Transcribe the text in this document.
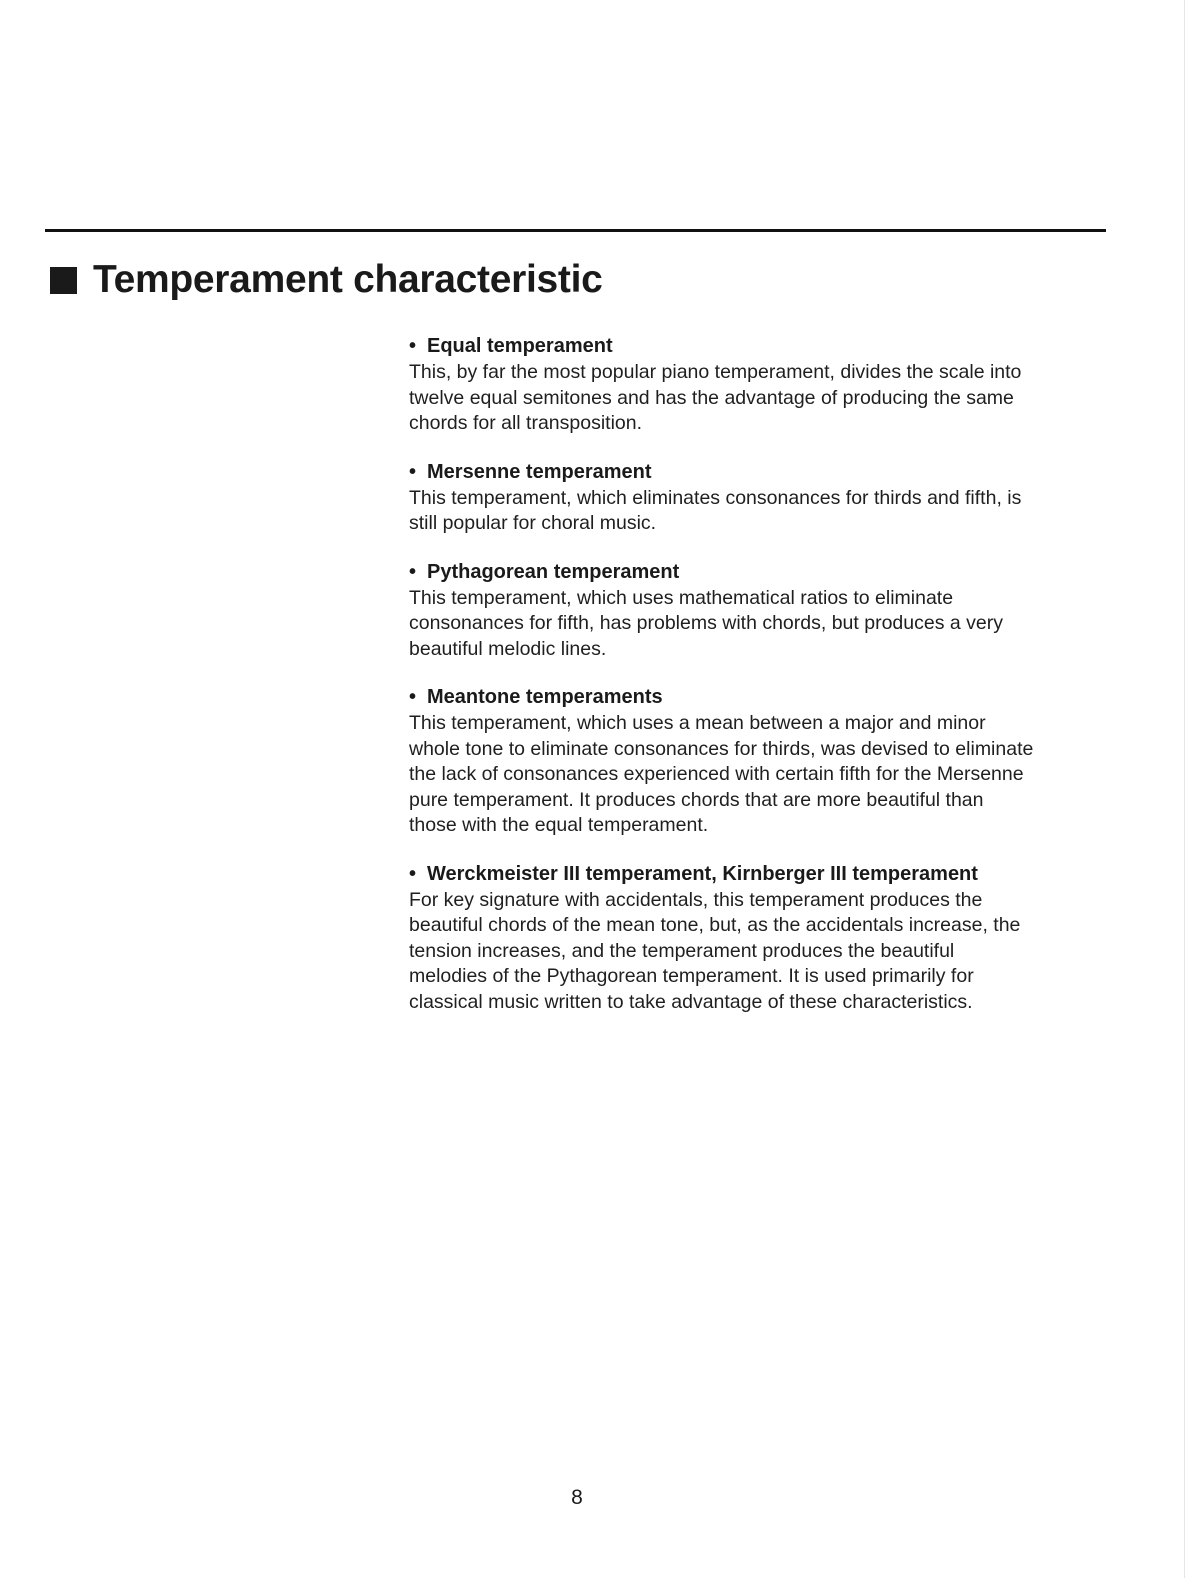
Temperament characteristic
• Equal temperament

This, by far the most popular piano temperament, divides the scale into
twelve equal semitones and has the advantage of producing the same
chords for all transposition.

• Mersenne temperament

This temperament, which eliminates consonances for thirds and fifth, is
still popular for choral music.

• Pythagorean temperament

This temperament, which uses mathematical ratios to eliminate
consonances for fifth, has problems with chords, but produces a very
beautiful melodic lines.

• Meantone temperaments

This temperament, which uses a mean between a major and minor
whole tone to eliminate consonances for thirds, was devised to eliminate
the lack of consonances experienced with certain fifth for the Mersenne
pure temperament. It produces chords that are more beautiful than
those with the equal temperament.

• Werckmeister III temperament, Kirnberger III temperament

For key signature with accidentals, this temperament produces the
beautiful chords of the mean tone, but, as the accidentals increase, the
tension increases, and the temperament produces the beautiful
melodies of the Pythagorean temperament. It is used primarily for
classical music written to take advantage of these characteristics.

8
